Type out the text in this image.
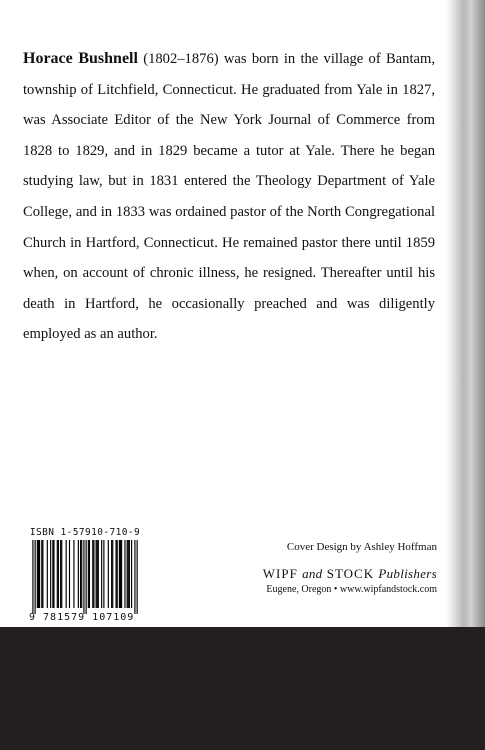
Horace Bushnell (1802–1876) was born in the village of Bantam, township of Litchfield, Connecticut. He graduated from Yale in 1827, was Associate Editor of the New York Journal of Commerce from 1828 to 1829, and in 1829 became a tutor at Yale. There he began studying law, but in 1831 entered the Theology Department of Yale College, and in 1833 was ordained pastor of the North Congregational Church in Hartford, Connecticut. He remained pastor there until 1859 when, on account of chronic illness, he resigned. Thereafter until his death in Hartford, he occasionally preached and was diligently employed as an author.

ISBN 1-57910-710-9
9 781579 107109

Cover Design by Ashley Hoffman

WIPF and STOCK Publishers

Eugene, Oregon • www.wipfandstock.com
